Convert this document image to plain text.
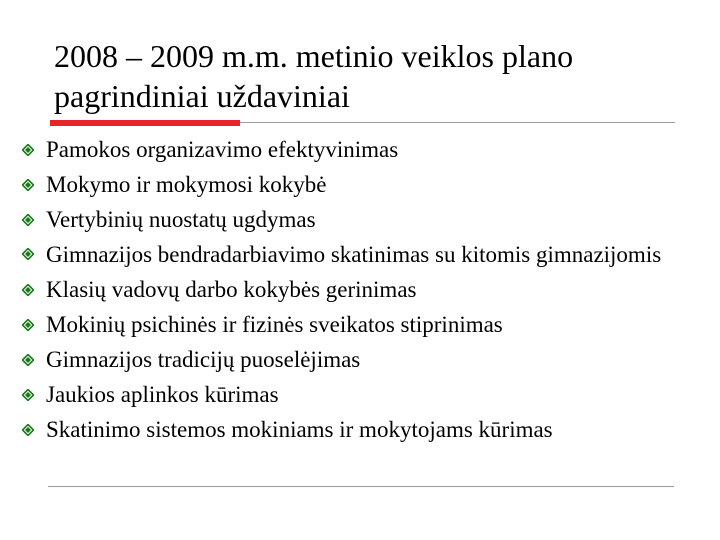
2008 – 2009 m.m. metinio veiklos plano
pagrindiniai uždaviniai
Pamokos organizavimo efektyvinimas
Mokymo ir mokymosi kokybė
Vertybinių nuostatų ugdymas
Gimnazijos bendradarbiavimo skatinimas su kitomis gimnazijomis
Klasių vadovų darbo kokybės gerinimas
Mokinių psichinės ir fizinės sveikatos stiprinimas
Gimnazijos tradicijų puoselėjimas
Jaukios aplinkos kūrimas
Skatinimo sistemos mokiniams ir mokytojams kūrimas
